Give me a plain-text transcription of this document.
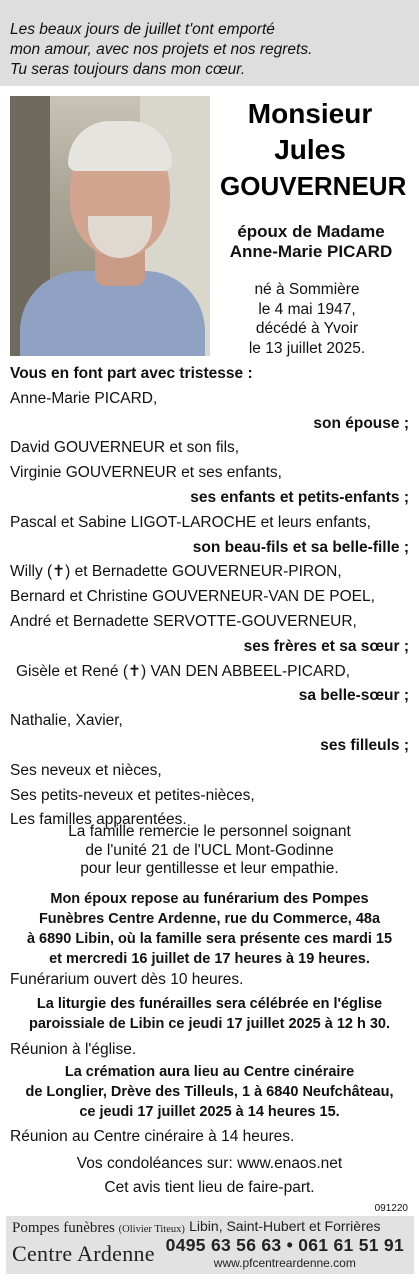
Les beaux jours de juillet t'ont emporté
mon amour, avec nos projets et nos regrets.
Tu seras toujours dans mon cœur.
Monsieur
Jules
GOUVERNEUR
époux de Madame
Anne-Marie PICARD
né à Sommière
le 4 mai 1947,
décédé à Yvoir
le 13 juillet 2025.
Vous en font part avec tristesse :
Anne-Marie PICARD,
son épouse ;
David GOUVERNEUR et son fils,
Virginie GOUVERNEUR et ses enfants,
ses enfants et petits-enfants ;
Pascal et Sabine LIGOT-LAROCHE et leurs enfants,
son beau-fils et sa belle-fille ;
Willy (✝) et Bernadette GOUVERNEUR-PIRON,
Bernard et Christine GOUVERNEUR-VAN DE POEL,
André et Bernadette SERVOTTE-GOUVERNEUR,
ses frères et sa sœur ;
Gisèle et René (✝) VAN DEN ABBEEL-PICARD,
sa belle-sœur ;
Nathalie, Xavier,
ses filleuls ;
Ses neveux et nièces,
Ses petits-neveux et petites-nièces,
Les familles apparentées.
La famille remercie le personnel soignant
de l'unité 21 de l'UCL Mont-Godinne
pour leur gentillesse et leur empathie.
Mon époux repose au funérarium des Pompes
Funèbres Centre Ardenne, rue du Commerce, 48a
à 6890 Libin, où la famille sera présente ces mardi 15
et mercredi 16 juillet de 17 heures à 19 heures.
Funérarium ouvert dès 10 heures.
La liturgie des funérailles sera célébrée en l'église
paroissiale de Libin ce jeudi 17 juillet 2025 à 12 h 30.
Réunion à l'église.
La crémation aura lieu au Centre cinéraire
de Longlier, Drève des Tilleuls, 1 à 6840 Neufchâteau,
ce jeudi 17 juillet 2025 à 14 heures 15.
Réunion au Centre cinéraire à 14 heures.
Vos condoléances sur: www.enaos.net
Cet avis tient lieu de faire-part.
091220
Pompes funèbres (Olivier Titeux)
Centre Ardenne
Libin, Saint-Hubert et Forrières
0495 63 56 63 • 061 61 51 91
www.pfcentreardenne.com
